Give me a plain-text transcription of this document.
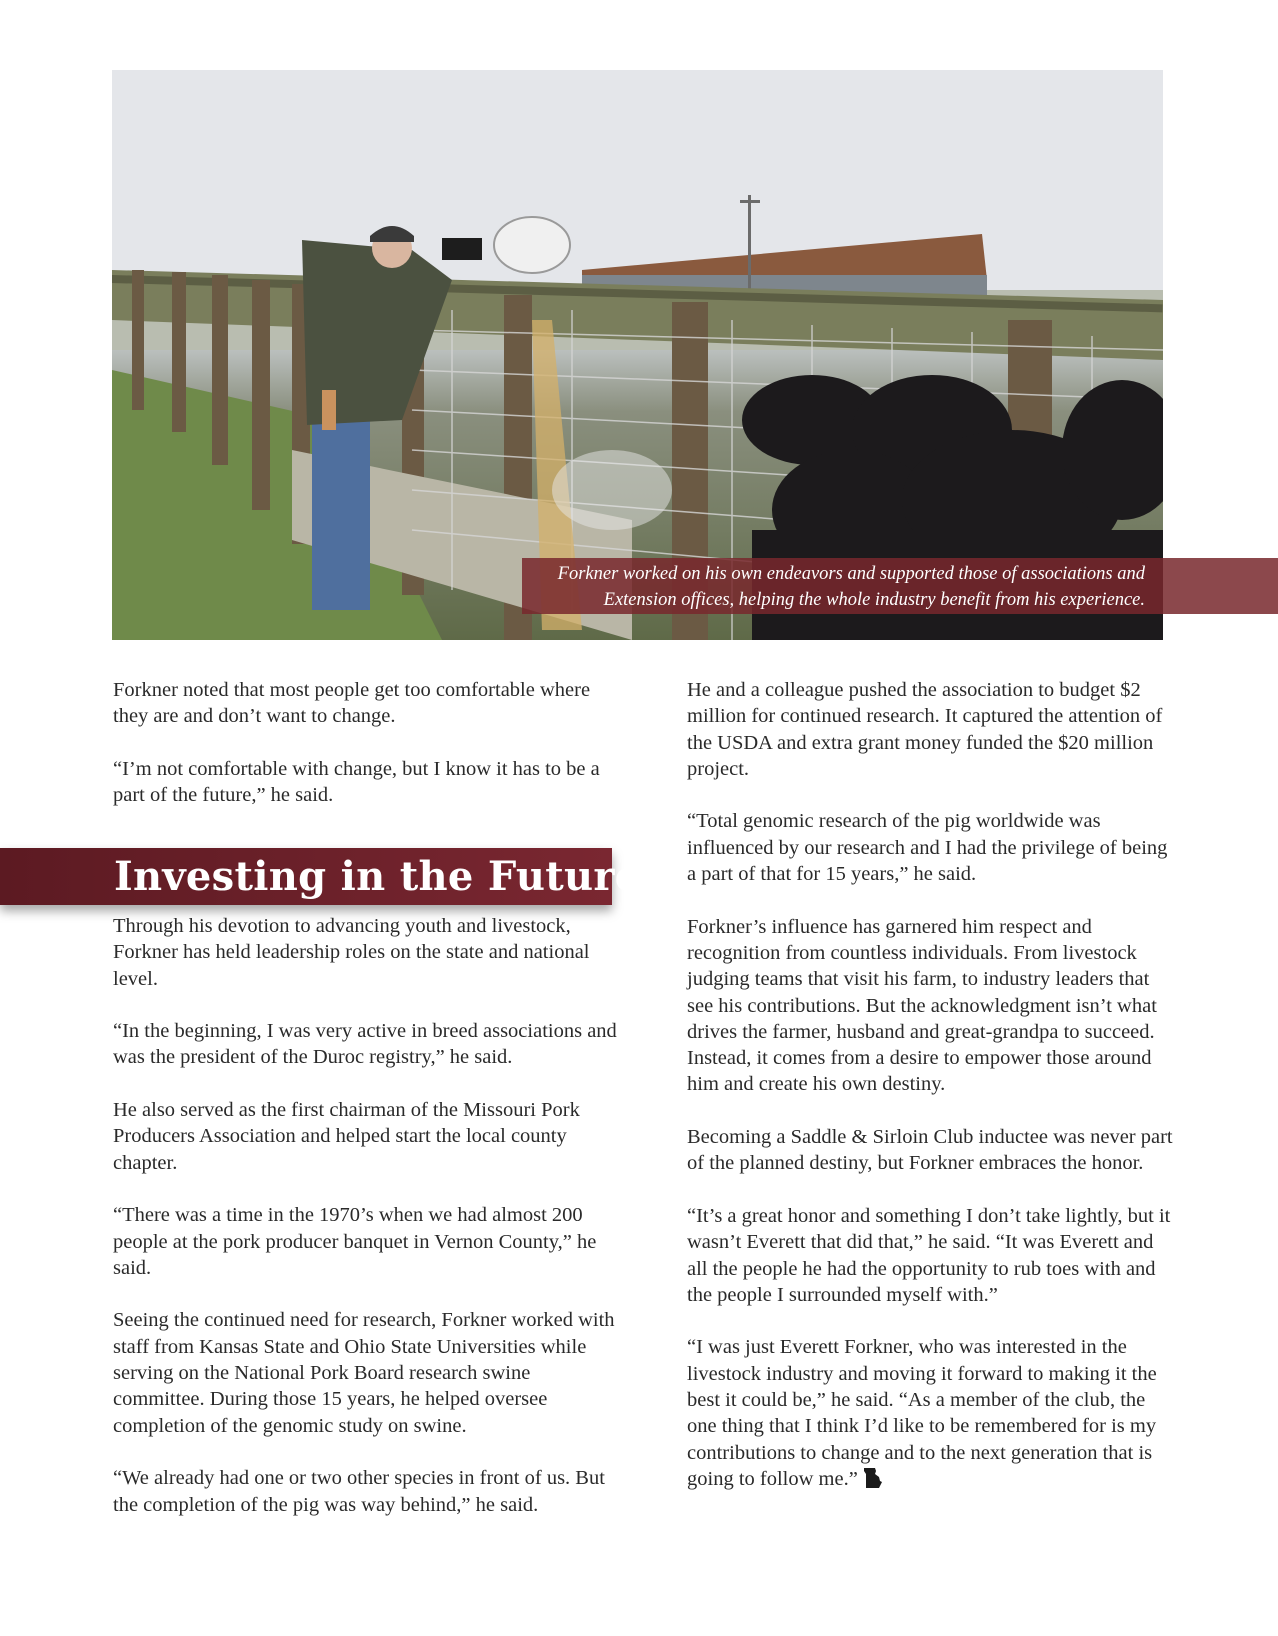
Forkner worked on his own endeavors and supported those of associations and
Extension offices, helping the whole industry benefit from his experience.

Forkner noted that most people get too comfortable where they are and don’t want to change.

“I’m not comfortable with change, but I know it has to be a part of the future,” he said.

Investing in the Future

Through his devotion to advancing youth and livestock, Forkner has held leadership roles on the state and national level.

“In the beginning, I was very active in breed associations and was the president of the Duroc registry,” he said.

He also served as the first chairman of the Missouri Pork Producers Association and helped start the local county chapter.

“There was a time in the 1970’s when we had almost 200 people at the pork producer banquet in Vernon County,” he said.

Seeing the continued need for research, Forkner worked with staff from Kansas State and Ohio State Universities while serving on the National Pork Board research swine committee. During those 15 years, he helped oversee completion of the genomic study on swine.

“We already had one or two other species in front of us. But the completion of the pig was way behind,” he said.

He and a colleague pushed the association to budget $2 million for continued research. It captured the attention of the USDA and extra grant money funded the $20 million project.

“Total genomic research of the pig worldwide was influenced by our research and I had the privilege of being a part of that for 15 years,” he said.

Forkner’s influence has garnered him respect and recognition from countless individuals. From livestock judging teams that visit his farm, to industry leaders that see his contributions. But the acknowledgment isn’t what drives the farmer, husband and great-grandpa to succeed. Instead, it comes from a desire to empower those around him and create his own destiny.

Becoming a Saddle & Sirloin Club inductee was never part of the planned destiny, but Forkner embraces the honor.

“It’s a great honor and something I don’t take lightly, but it wasn’t Everett that did that,” he said. “It was Everett and all the people he had the opportunity to rub toes with and the people I surrounded myself with.”

“I was just Everett Forkner, who was interested in the livestock industry and moving it forward to making it the best it could be,” he said. “As a member of the club, the one thing that I think I’d like to be remembered for is my contributions to change and to the next generation that is going to follow me.”
